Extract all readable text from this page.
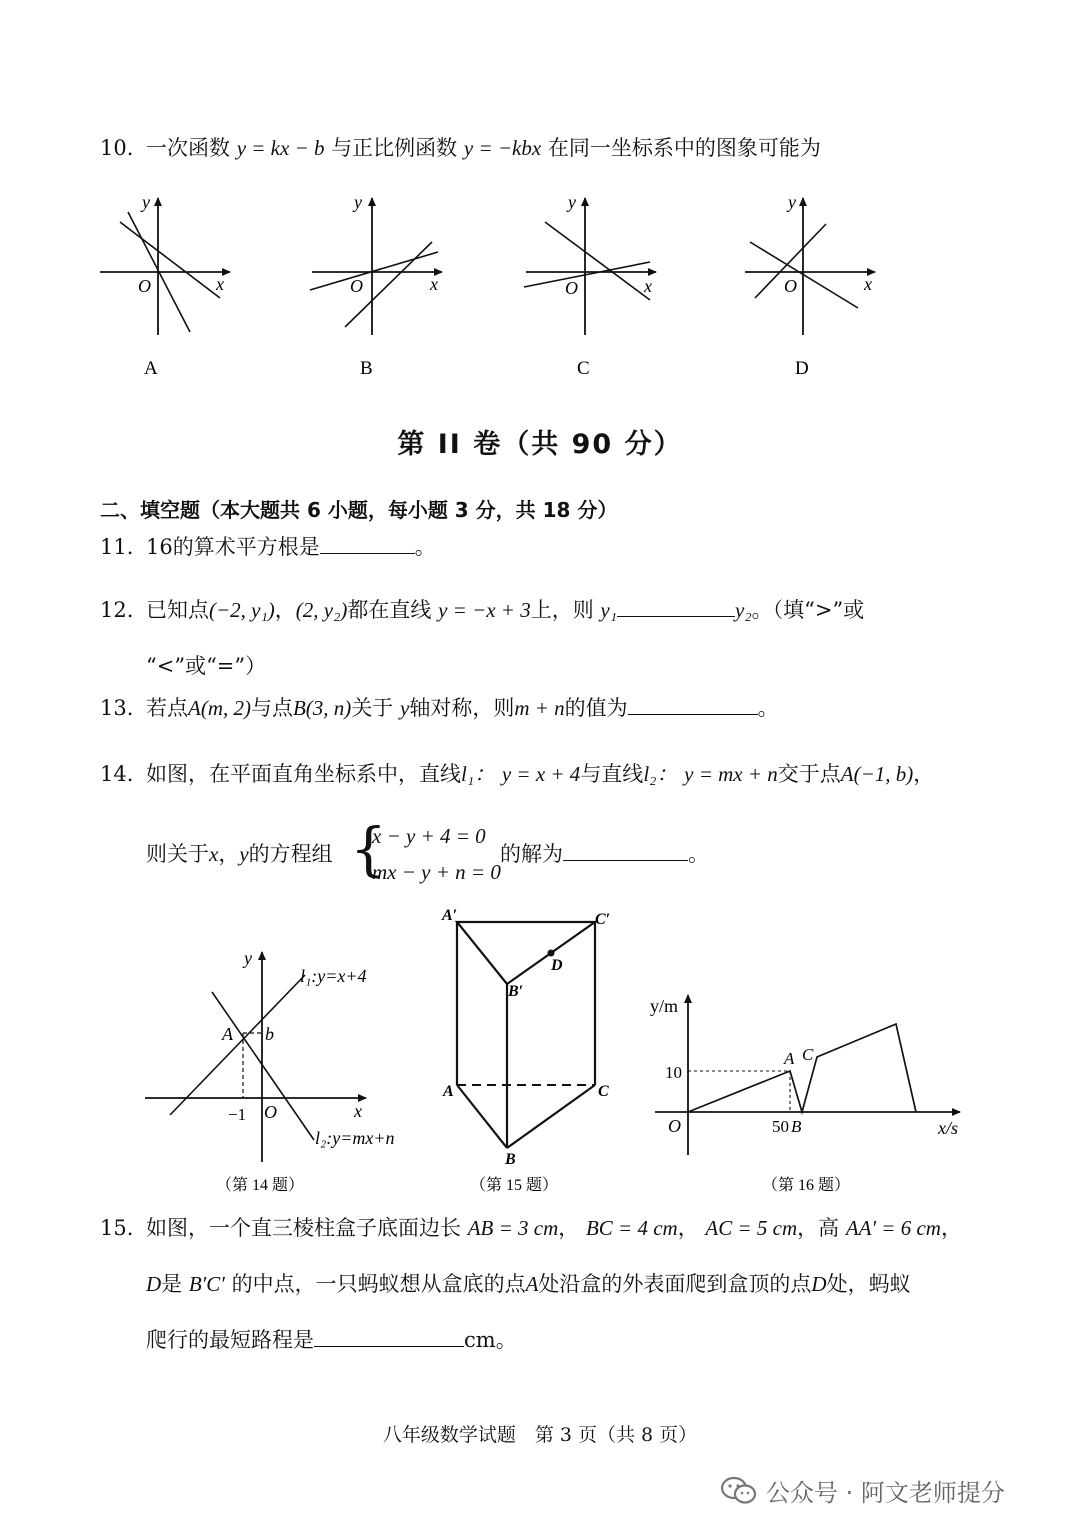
10. 一次函数 y = kx − b 与正比例函数 y = −kbx 在同一坐标系中的图象可能为
y
x
O
A
y
x
O
B
y
x
O
C
y
x
O
D
第 II 卷（共 90 分）
二、填空题（本大题共 6 小题，每小题 3 分，共 18 分）
11. 16的算术平方根是	。
12. 已知点(−2, y₁)，(2, y₂)都在直线 y = −x + 3上，则 y₁	y₂。（填“>”或
“<”或“=”）
13. 若点A(m, 2)与点B(3, n)关于 y轴对称，则m + n的值为	。
14. 如图，在平面直角坐标系中，直线l₁： y = x + 4与直线l₂： y = mx + n交于点A(−1, b)，
则关于x，y的方程组 {
x − y + 4 = 0
mx − y + n = 0
的解为	。
y
x
O
A b
−1
l₁:y=x+4
l₂:y=mx+n
（第 14 题）
A′	C′
B′
D
A	C
B
（第 15 题）
y/m
x/s
O
10
50 B
A C
（第 16 题）
15. 如图，一个直三棱柱盒子底面边长 AB = 3 cm， BC = 4 cm， AC = 5 cm，高 AA′ = 6 cm，
D是 B′C′ 的中点，一只蚂蚁想从盒底的点A处沿盒的外表面爬到盒顶的点D处，蚂蚁
爬行的最短路程是	cm。
八年级数学试题　第 3 页（共 8 页）
公众号 · 阿文老师提分
